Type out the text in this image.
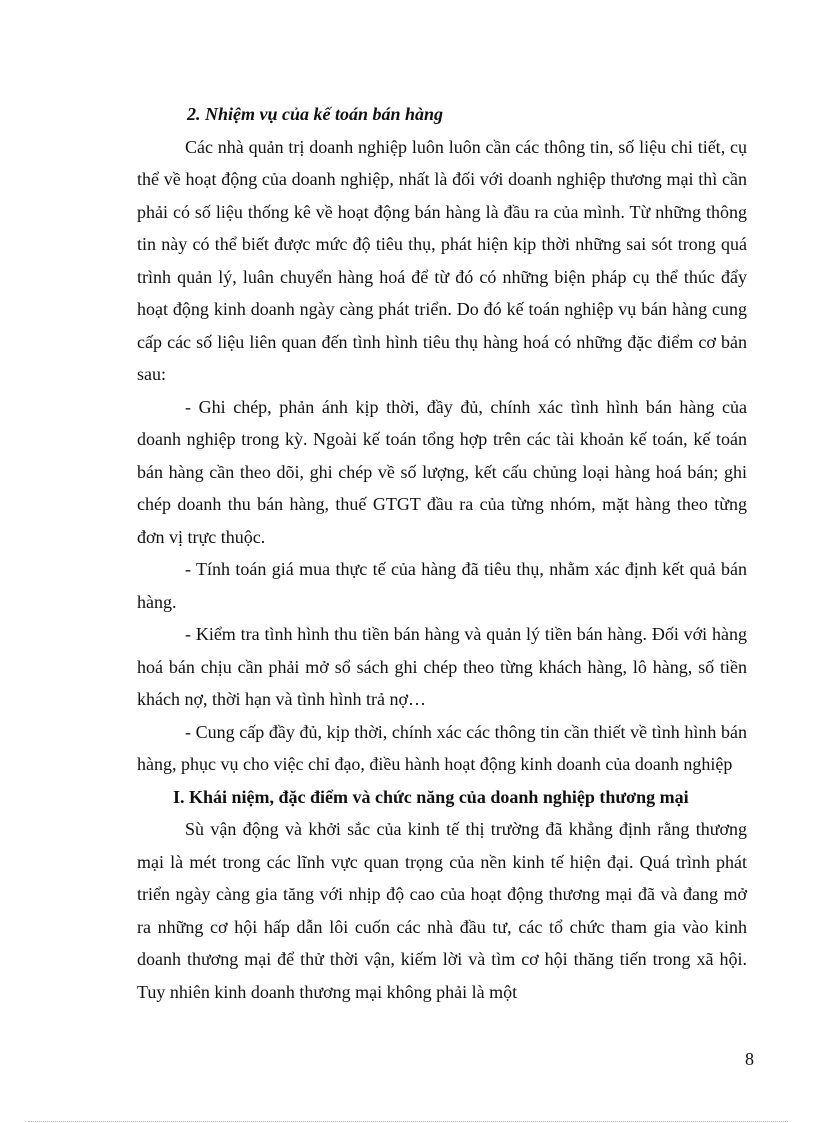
2. Nhiệm vụ của kế toán bán hàng

Các nhà quản trị doanh nghiệp luôn luôn cần các thông tin, số liệu chi tiết, cụ thể về hoạt động của doanh nghiệp, nhất là đối với doanh nghiệp thương mại thì cần phải có số liệu thống kê về hoạt động bán hàng là đầu ra của mình. Từ những thông tin này có thể biết được mức độ tiêu thụ, phát hiện kịp thời những sai sót trong quá trình quản lý, luân chuyển hàng hoá để từ đó có những biện pháp cụ thể thúc đẩy hoạt động kinh doanh ngày càng phát triển. Do đó kế toán nghiệp vụ bán hàng cung cấp các số liệu liên quan đến tình hình tiêu thụ hàng hoá có những đặc điểm cơ bản sau:

- Ghi chép, phản ánh kịp thời, đầy đủ, chính xác tình hình bán hàng của doanh nghiệp trong kỳ. Ngoài kế toán tổng hợp trên các tài khoản kế toán, kế toán bán hàng cần theo dõi, ghi chép về số lượng, kết cấu chủng loại hàng hoá bán; ghi chép doanh thu bán hàng, thuế GTGT đầu ra của từng nhóm, mặt hàng theo từng đơn vị trực thuộc.

- Tính toán giá mua thực tế của hàng đã tiêu thụ, nhằm xác định kết quả bán hàng.

- Kiểm tra tình hình thu tiền bán hàng và quản lý tiền bán hàng. Đối với hàng hoá bán chịu cần phải mở sổ sách ghi chép theo từng khách hàng, lô hàng, số tiền khách nợ, thời hạn và tình hình trả nợ…

- Cung cấp đầy đủ, kịp thời, chính xác các thông tin cần thiết về tình hình bán hàng, phục vụ cho việc chỉ đạo, điều hành hoạt động kinh doanh của doanh nghiệp

I. Khái niệm, đặc điểm và chức năng của doanh nghiệp thương mại

Sù vận động và khởi sắc của kinh tế thị trường đã khẳng định rằng thương mại là mét trong các lĩnh vực quan trọng của nền kinh tế hiện đại. Quá trình phát triển ngày càng gia tăng với nhịp độ cao của hoạt động thương mại đã và đang mở ra những cơ hội hấp dẫn lôi cuốn các nhà đầu tư, các tổ chức tham gia vào kinh doanh thương mại để thử thời vận, kiếm lời và tìm cơ hội thăng tiến trong xã hội. Tuy nhiên kinh doanh thương mại không phải là một

8
